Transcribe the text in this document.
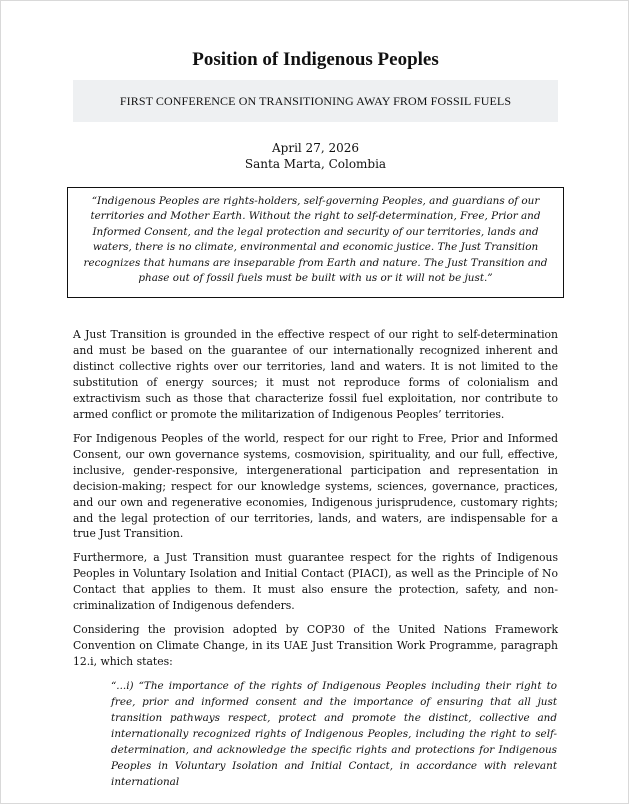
Position of Indigenous Peoples
FIRST CONFERENCE ON TRANSITIONING AWAY FROM FOSSIL FUELS
April 27, 2026
Santa Marta, Colombia
“Indigenous Peoples are rights-holders, self-governing Peoples, and guardians of our territories and Mother Earth. Without the right to self-determination, Free, Prior and Informed Consent, and the legal protection and security of our territories, lands and waters, there is no climate, environmental and economic justice. The Just Transition recognizes that humans are inseparable from Earth and nature. The Just Transition and phase out of fossil fuels must be built with us or it will not be just.”
A Just Transition is grounded in the effective respect of our right to self-determination and must be based on the guarantee of our internationally recognized inherent and distinct collective rights over our territories, land and waters. It is not limited to the substitution of energy sources; it must not reproduce forms of colonialism and extractivism such as those that characterize fossil fuel exploitation, nor contribute to armed conflict or promote the militarization of Indigenous Peoples’ territories.
For Indigenous Peoples of the world, respect for our right to Free, Prior and Informed Consent, our own governance systems, cosmovision, spirituality, and our full, effective, inclusive, gender-responsive, intergenerational participation and representation in decision-making; respect for our knowledge systems, sciences, governance, practices, and our own and regenerative economies, Indigenous jurisprudence, customary rights; and the legal protection of our territories, lands, and waters, are indispensable for a true Just Transition.
Furthermore, a Just Transition must guarantee respect for the rights of Indigenous Peoples in Voluntary Isolation and Initial Contact (PIACI), as well as the Principle of No Contact that applies to them. It must also ensure the protection, safety, and non-criminalization of Indigenous defenders.
Considering the provision adopted by COP30 of the United Nations Framework Convention on Climate Change, in its UAE Just Transition Work Programme, paragraph 12.i, which states:
“...i) “The importance of the rights of Indigenous Peoples including their right to free, prior and informed consent and the importance of ensuring that all just transition pathways respect, protect and promote the distinct, collective and internationally recognized rights of Indigenous Peoples, including the right to self-determination, and acknowledge the specific rights and protections for Indigenous Peoples in Voluntary Isolation and Initial Contact, in accordance with relevant international
